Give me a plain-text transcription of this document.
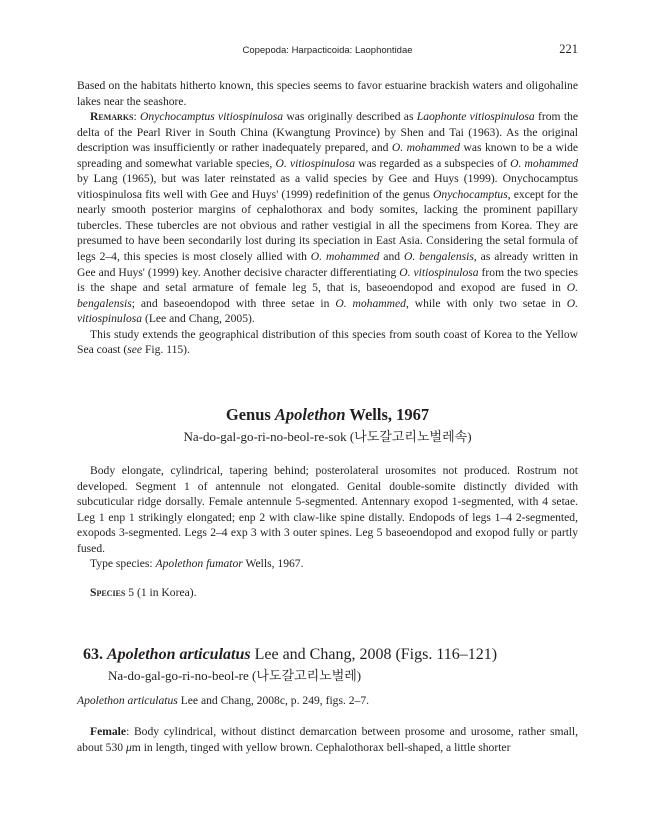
Copepoda: Harpacticoida: Laophontidae	221

Based on the habitats hitherto known, this species seems to favor estuarine brackish waters and oligohaline lakes near the seashore.

Remarks: Onychocamptus vitiospinulosa was originally described as Laophonte vitiospinulosa from the delta of the Pearl River in South China (Kwangtung Province) by Shen and Tai (1963). As the original description was insufficiently or rather inadequately prepared, and O. mohammed was known to be a wide spreading and somewhat variable species, O. vitiospinulosa was regarded as a subspecies of O. mohammed by Lang (1965), but was later reinstated as a valid species by Gee and Huys (1999). Onychocamptus vitiospinulosa fits well with Gee and Huys' (1999) redefinition of the genus Onychocamptus, except for the nearly smooth posterior margins of cephalothorax and body somites, lacking the prominent papillary tubercles. These tubercles are not obvious and rather vestigial in all the specimens from Korea. They are presumed to have been secondarily lost during its speciation in East Asia. Considering the setal formula of legs 2–4, this species is most closely allied with O. mohammed and O. bengalensis, as already written in Gee and Huys' (1999) key. Another decisive character differentiating O. vitiospinulosa from the two species is the shape and setal armature of female leg 5, that is, baseoendopod and exopod are fused in O. bengalensis; and baseoendopod with three setae in O. mohammed, while with only two setae in O. vitiospinulosa (Lee and Chang, 2005).

This study extends the geographical distribution of this species from south coast of Korea to the Yellow Sea coast (see Fig. 115).

Genus Apolethon Wells, 1967
Na-do-gal-go-ri-no-beol-re-sok (나도갈고리노벌레속)

Body elongate, cylindrical, tapering behind; posterolateral urosomites not produced. Rostrum not developed. Segment 1 of antennule not elongated. Genital double-somite distinctly divided with subcuticular ridge dorsally. Female antennule 5-segmented. Antennary exopod 1-segmented, with 4 setae. Leg 1 enp 1 strikingly elongated; enp 2 with claw-like spine distally. Endopods of legs 1–4 2-segmented, exopods 3-segmented. Legs 2–4 exp 3 with 3 outer spines. Leg 5 baseoendopod and exopod fully or partly fused.

Type species: Apolethon fumator Wells, 1967.

Species 5 (1 in Korea).

63. Apolethon articulatus Lee and Chang, 2008 (Figs. 116–121)
Na-do-gal-go-ri-no-beol-re (나도갈고리노벌레)

Apolethon articulatus Lee and Chang, 2008c, p. 249, figs. 2–7.

Female: Body cylindrical, without distinct demarcation between prosome and urosome, rather small, about 530 μm in length, tinged with yellow brown. Cephalothorax bell-shaped, a little shorter
